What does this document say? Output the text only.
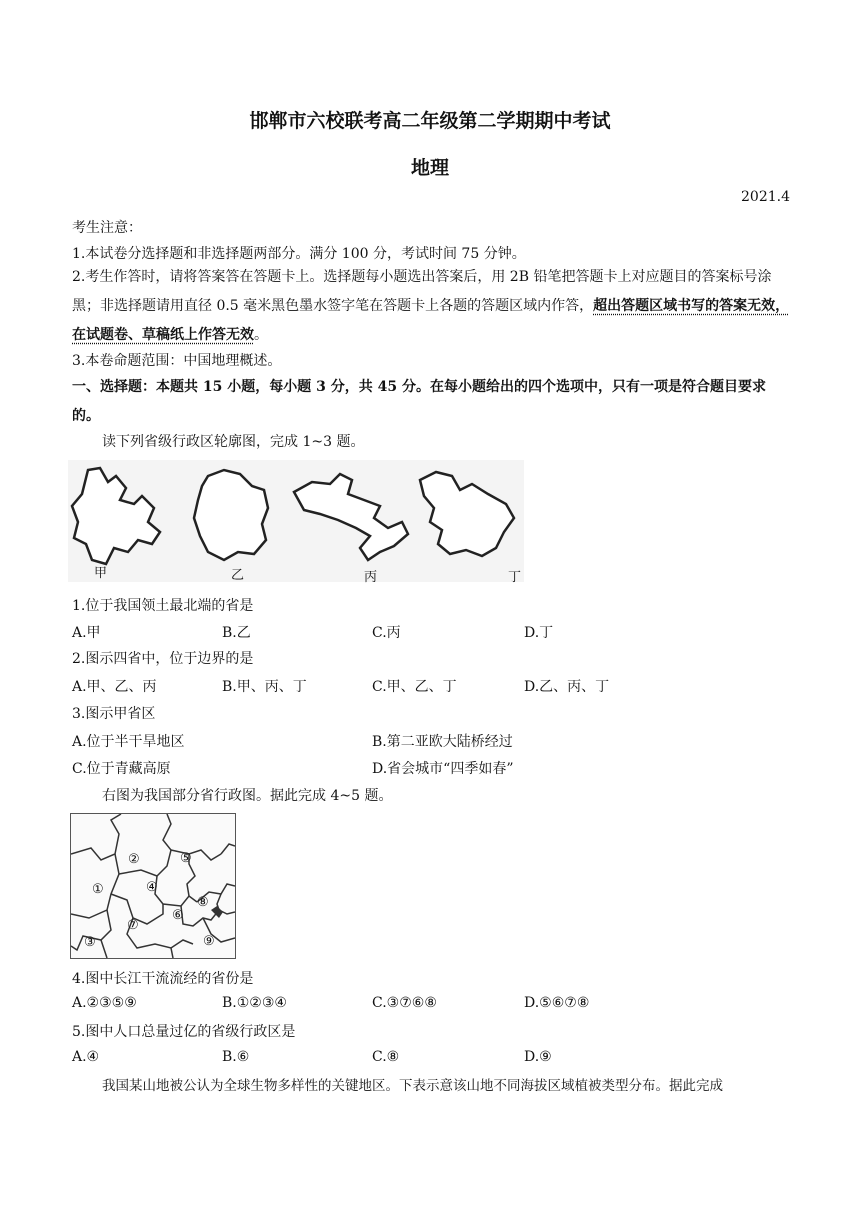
邯郸市六校联考高二年级第二学期期中考试
地理
2021.4
考生注意：
1.本试卷分选择题和非选择题两部分。满分 100 分，考试时间 75 分钟。
2.考生作答时，请将答案答在答题卡上。选择题每小题选出答案后，用 2B 铅笔把答题卡上对应题目的答案标号涂黑；非选择题请用直径 0.5 毫米黑色墨水签字笔在答题卡上各题的答题区域内作答，超出答题区域书写的答案无效，在试题卷、草稿纸上作答无效。
3.本卷命题范围：中国地理概述。
一、选择题：本题共 15 小题，每小题 3 分，共 45 分。在每小题给出的四个选项中，只有一项是符合题目要求的。
读下列省级行政区轮廓图，完成 1~3 题。
甲	乙	丙	丁
1.位于我国领土最北端的省是
A.甲	B.乙	C.丙	D.丁
2.图示四省中，位于边界的是
A.甲、乙、丙	B.甲、丙、丁	C.甲、乙、丁	D.乙、丙、丁
3.图示甲省区
A.位于半干旱地区	B.第二亚欧大陆桥经过
C.位于青藏高原	D.省会城市“四季如春”
右图为我国部分省行政图。据此完成 4~5 题。
①
②
③
④
⑤
⑥
⑦
⑧
⑨
4.图中长江干流流经的省份是
A.②③⑤⑨	B.①②③④	C.③⑦⑥⑧	D.⑤⑥⑦⑧
5.图中人口总量过亿的省级行政区是
A.④	B.⑥	C.⑧	D.⑨
我国某山地被公认为全球生物多样性的关键地区。下表示意该山地不同海拔区域植被类型分布。据此完成
